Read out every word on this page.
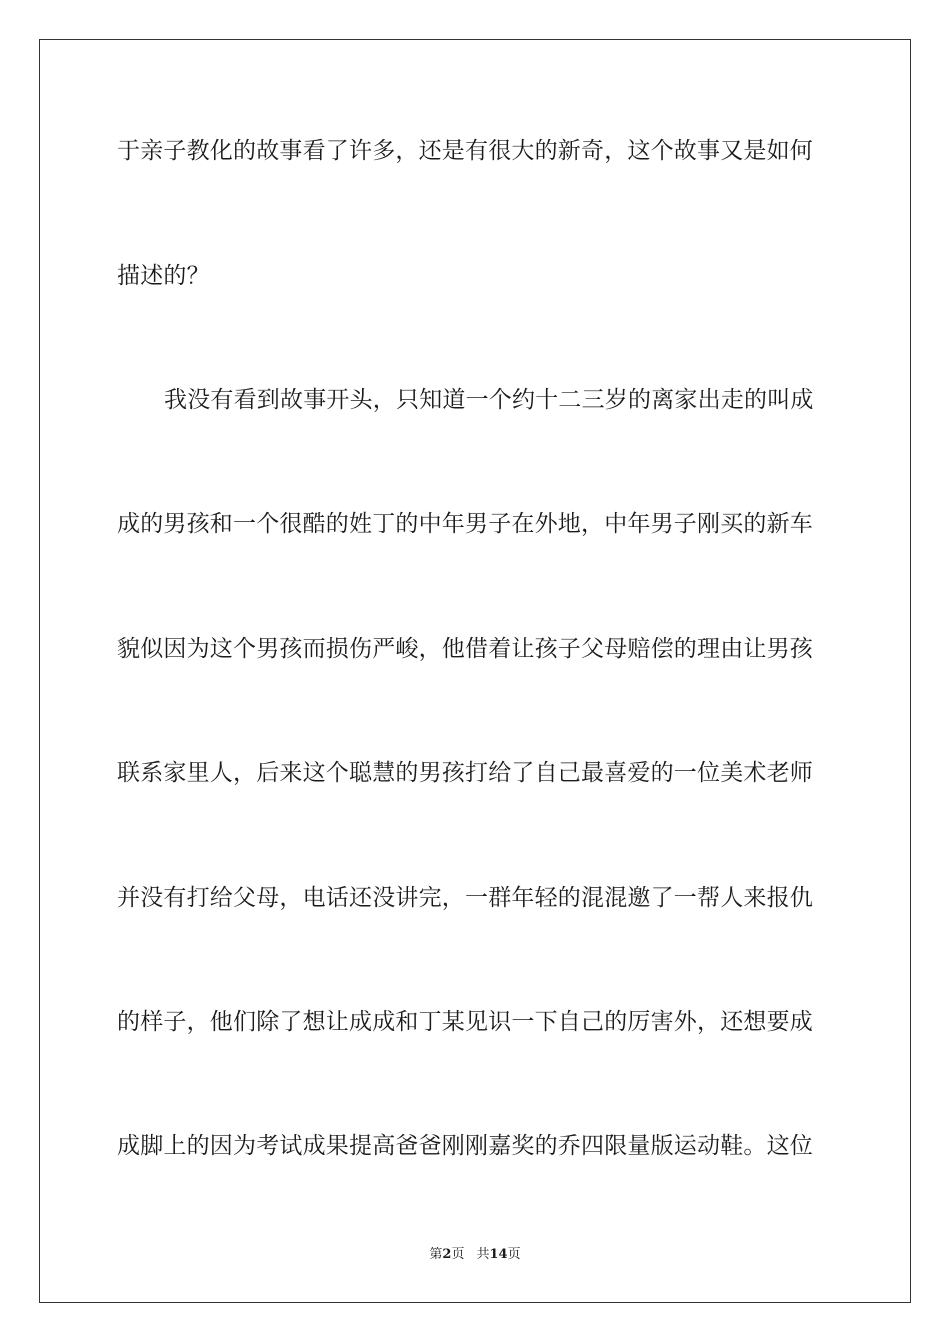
于亲子教化的故事看了许多，还是有很大的新奇，这个故事又是如何
描述的？
我没有看到故事开头，只知道一个约十二三岁的离家出走的叫成
成的男孩和一个很酷的姓丁的中年男子在外地，中年男子刚买的新车
貌似因为这个男孩而损伤严峻，他借着让孩子父母赔偿的理由让男孩
联系家里人，后来这个聪慧的男孩打给了自己最喜爱的一位美术老师
并没有打给父母，电话还没讲完，一群年轻的混混邀了一帮人来报仇
的样子，他们除了想让成成和丁某见识一下自己的厉害外，还想要成
成脚上的因为考试成果提高爸爸刚刚嘉奖的乔四限量版运动鞋。这位
第2页 共14页
